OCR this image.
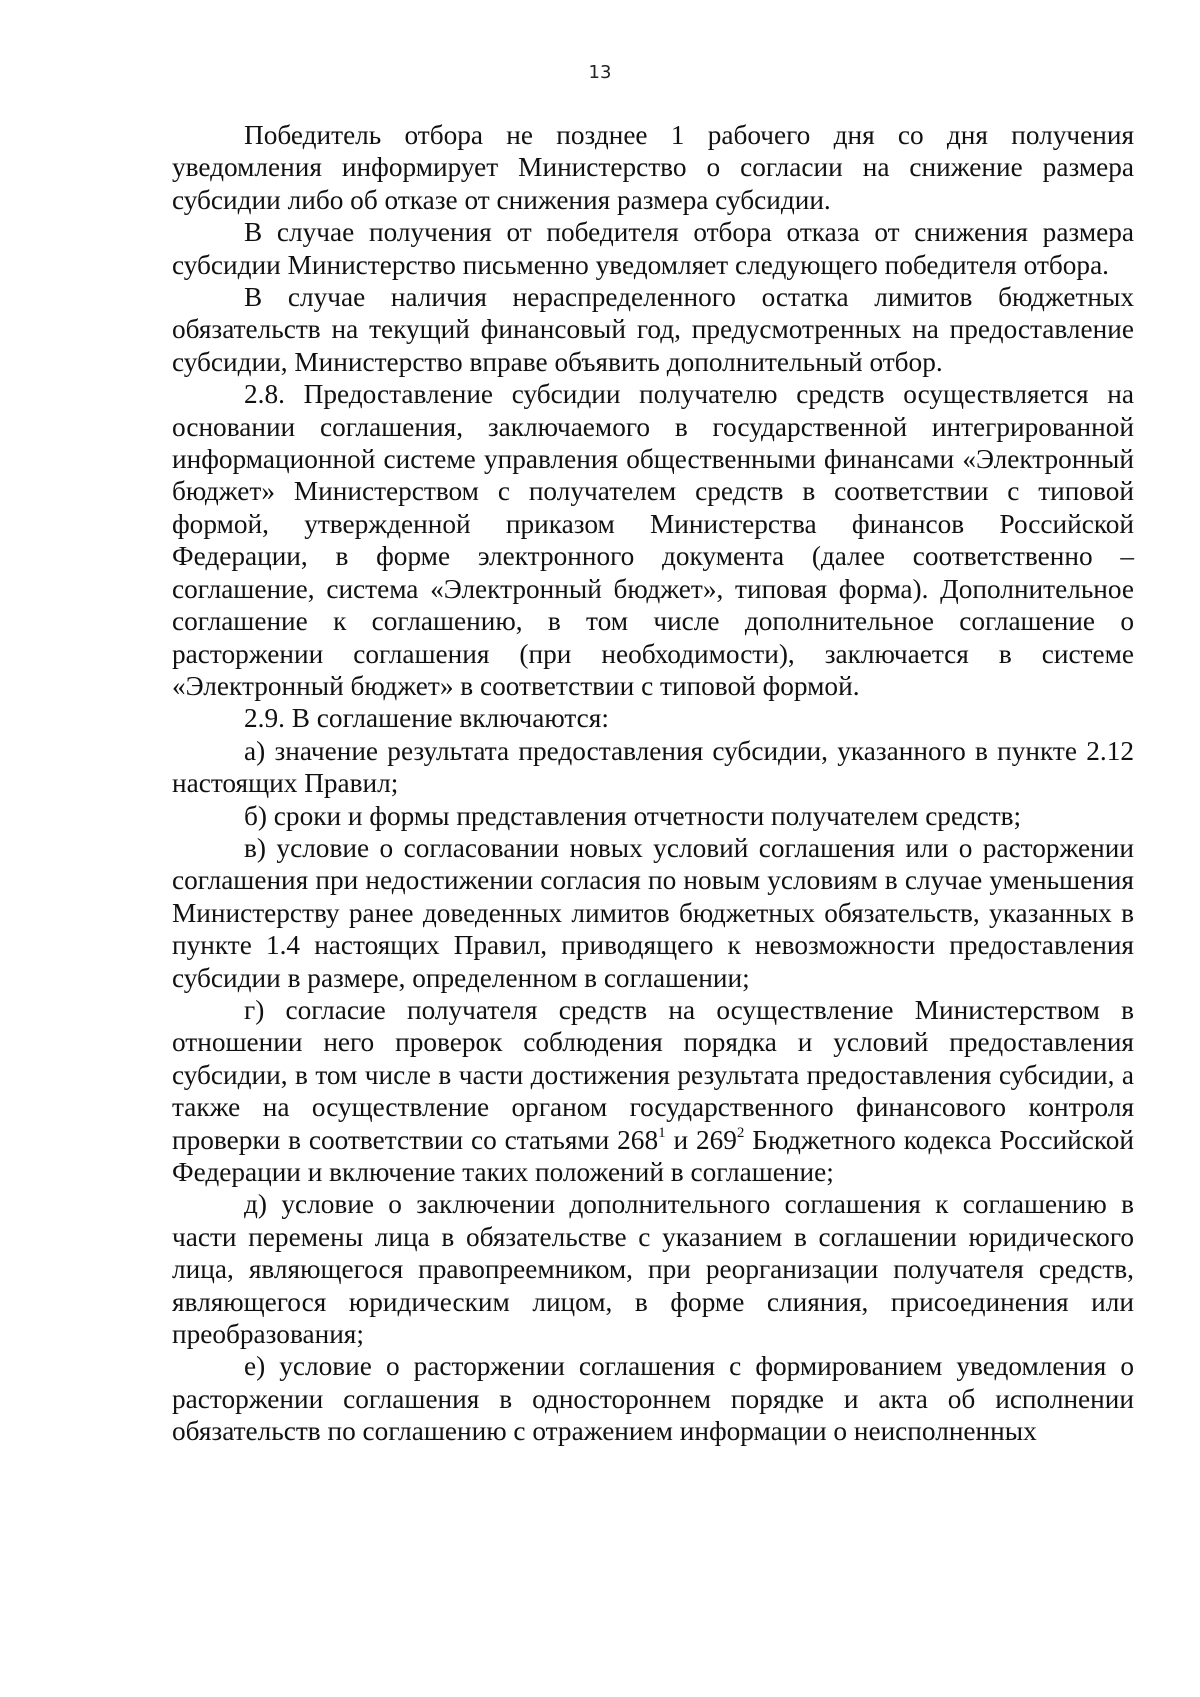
13

Победитель отбора не позднее 1 рабочего дня со дня получения уведомления информирует Министерство о согласии на снижение размера субсидии либо об отказе от снижения размера субсидии.

В случае получения от победителя отбора отказа от снижения размера субсидии Министерство письменно уведомляет следующего победителя отбора.

В случае наличия нераспределенного остатка лимитов бюджетных обязательств на текущий финансовый год, предусмотренных на предоставление субсидии, Министерство вправе объявить дополнительный отбор.

2.8. Предоставление субсидии получателю средств осуществляется на основании соглашения, заключаемого в государственной интегрированной информационной системе управления общественными финансами «Электронный бюджет» Министерством с получателем средств в соответствии с типовой формой, утвержденной приказом Министерства финансов Российской Федерации, в форме электронного документа (далее соответственно – соглашение, система «Электронный бюджет», типовая форма). Дополнительное соглашение к соглашению, в том числе дополнительное соглашение о расторжении соглашения (при необходимости), заключается в системе «Электронный бюджет» в соответствии с типовой формой.

2.9. В соглашение включаются:

а) значение результата предоставления субсидии, указанного в пункте 2.12 настоящих Правил;

б) сроки и формы представления отчетности получателем средств;

в) условие о согласовании новых условий соглашения или о расторжении соглашения при недостижении согласия по новым условиям в случае уменьшения Министерству ранее доведенных лимитов бюджетных обязательств, указанных в пункте 1.4 настоящих Правил, приводящего к невозможности предоставления субсидии в размере, определенном в соглашении;

г) согласие получателя средств на осуществление Министерством в отношении него проверок соблюдения порядка и условий предоставления субсидии, в том числе в части достижения результата предоставления субсидии, а также на осуществление органом государственного финансового контроля проверки в соответствии со статьями $268^1$ и $269^2$ Бюджетного кодекса Российской Федерации и включение таких положений в соглашение;

д) условие о заключении дополнительного соглашения к соглашению в части перемены лица в обязательстве с указанием в соглашении юридического лица, являющегося правопреемником, при реорганизации получателя средств, являющегося юридическим лицом, в форме слияния, присоединения или преобразования;

е) условие о расторжении соглашения с формированием уведомления о расторжении соглашения в одностороннем порядке и акта об исполнении обязательств по соглашению с отражением информации о неисполненных
